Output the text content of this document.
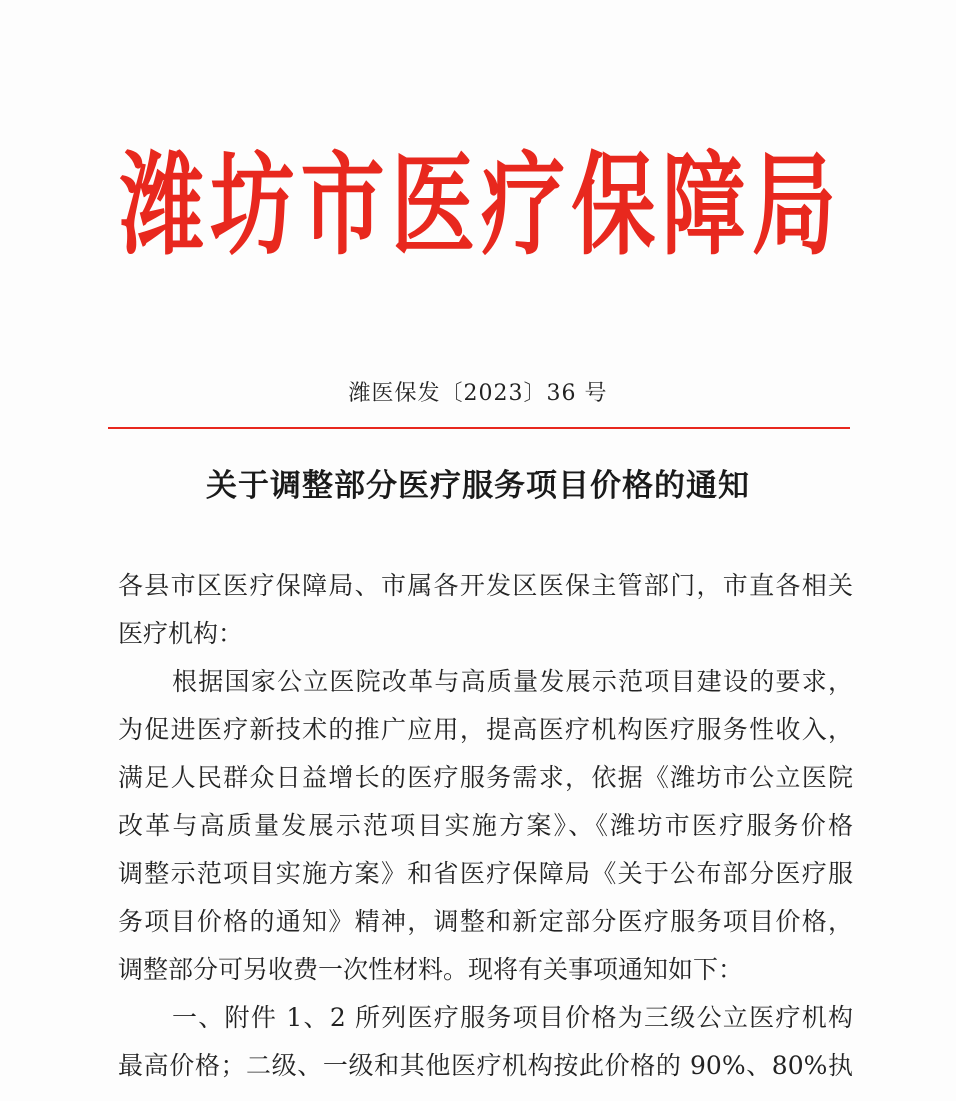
潍 坊 市 医 疗 保 障 局
潍医保发〔2023〕36 号
关于调整部分医疗服务项目价格的通知
各县市区医疗保障局、市属各开发区医保主管部门，市直各相关
医疗机构：
根据国家公立医院改革与高质量发展示范项目建设的要求，
为促进医疗新技术的推广应用，提高医疗机构医疗服务性收入，
满足人民群众日益增长的医疗服务需求，依据《潍坊市公立医院
改革与高质量发展示范项目实施方案》、《潍坊市医疗服务价格
调整示范项目实施方案》和省医疗保障局《关于公布部分医疗服
务项目价格的通知》精神，调整和新定部分医疗服务项目价格，
调整部分可另收费一次性材料。现将有关事项通知如下：
一、附件 1、2 所列医疗服务项目价格为三级公立医疗机构
最高价格；二级、一级和其他医疗机构按此价格的 90%、80%执
